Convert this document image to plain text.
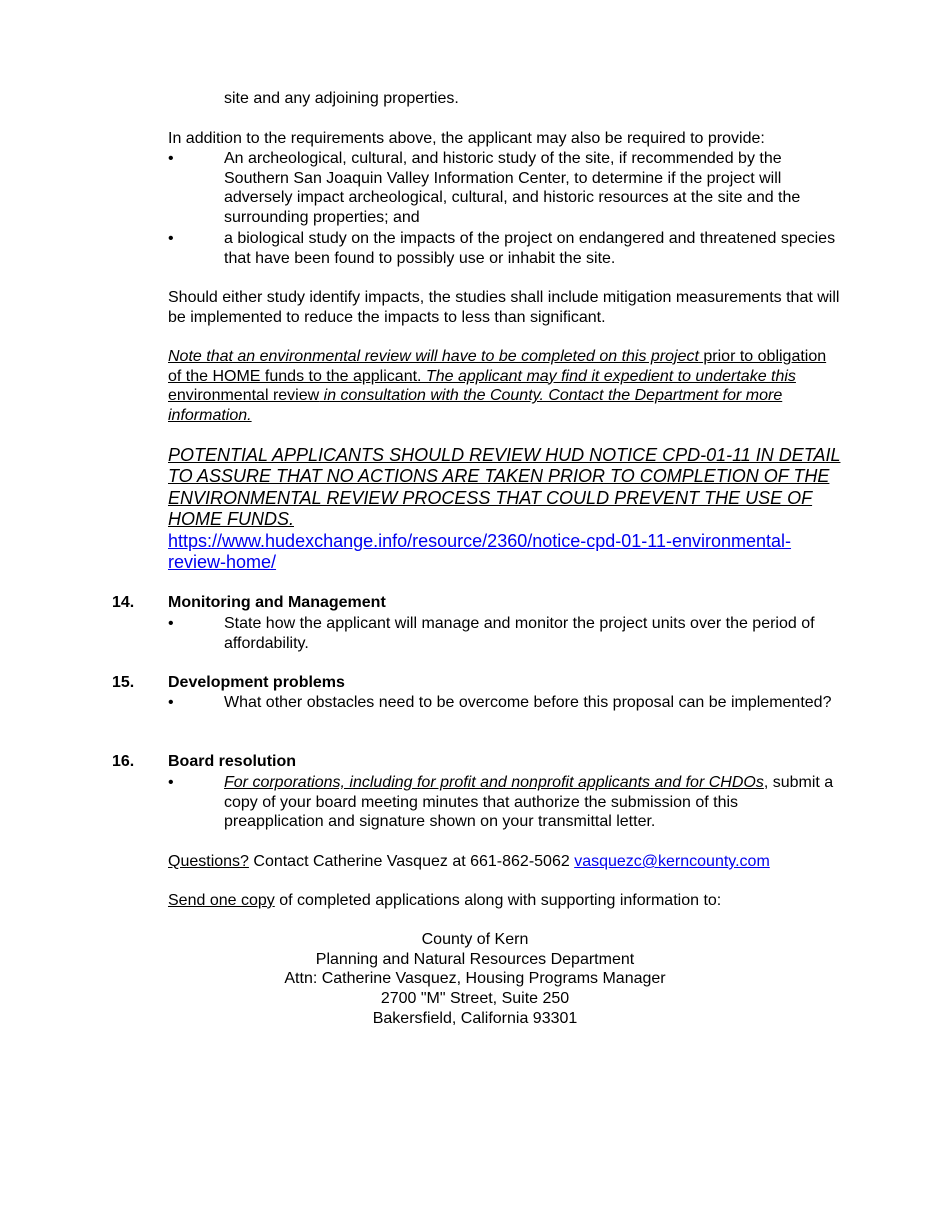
site and any adjoining properties.

In addition to the requirements above, the applicant may also be required to provide:

•	An archeological, cultural, and historic study of the site, if recommended by the Southern San Joaquin Valley Information Center, to determine if the project will adversely impact archeological, cultural, and historic resources at the site and the surrounding properties; and

•	a biological study on the impacts of the project on endangered and threatened species that have been found to possibly use or inhabit the site.

Should either study identify impacts, the studies shall include mitigation measurements that will be implemented to reduce the impacts to less than significant.

Note that an environmental review will have to be completed on this project prior to obligation of the HOME funds to the applicant. The applicant may find it expedient to undertake this environmental review in consultation with the County. Contact the Department for more information.

POTENTIAL APPLICANTS SHOULD REVIEW HUD NOTICE CPD-01-11 IN DETAIL TO ASSURE THAT NO ACTIONS ARE TAKEN PRIOR TO COMPLETION OF THE ENVIRONMENTAL REVIEW PROCESS THAT COULD PREVENT THE USE OF HOME FUNDS.

https://www.hudexchange.info/resource/2360/notice-cpd-01-11-environmental-
review-home/

14. Monitoring and Management
•	State how the applicant will manage and monitor the project units over the period of affordability.

15. Development problems
•	What other obstacles need to be overcome before this proposal can be implemented?

16. Board resolution
•	For corporations, including for profit and nonprofit applicants and for CHDOs, submit a copy of your board meeting minutes that authorize the submission of this preapplication and signature shown on your transmittal letter.

Questions? Contact Catherine Vasquez at 661-862-5062 vasquezc@kerncounty.com

Send one copy of completed applications along with supporting information to:

County of Kern
Planning and Natural Resources Department
Attn: Catherine Vasquez, Housing Programs Manager
2700 "M" Street, Suite 250
Bakersfield, California 93301
